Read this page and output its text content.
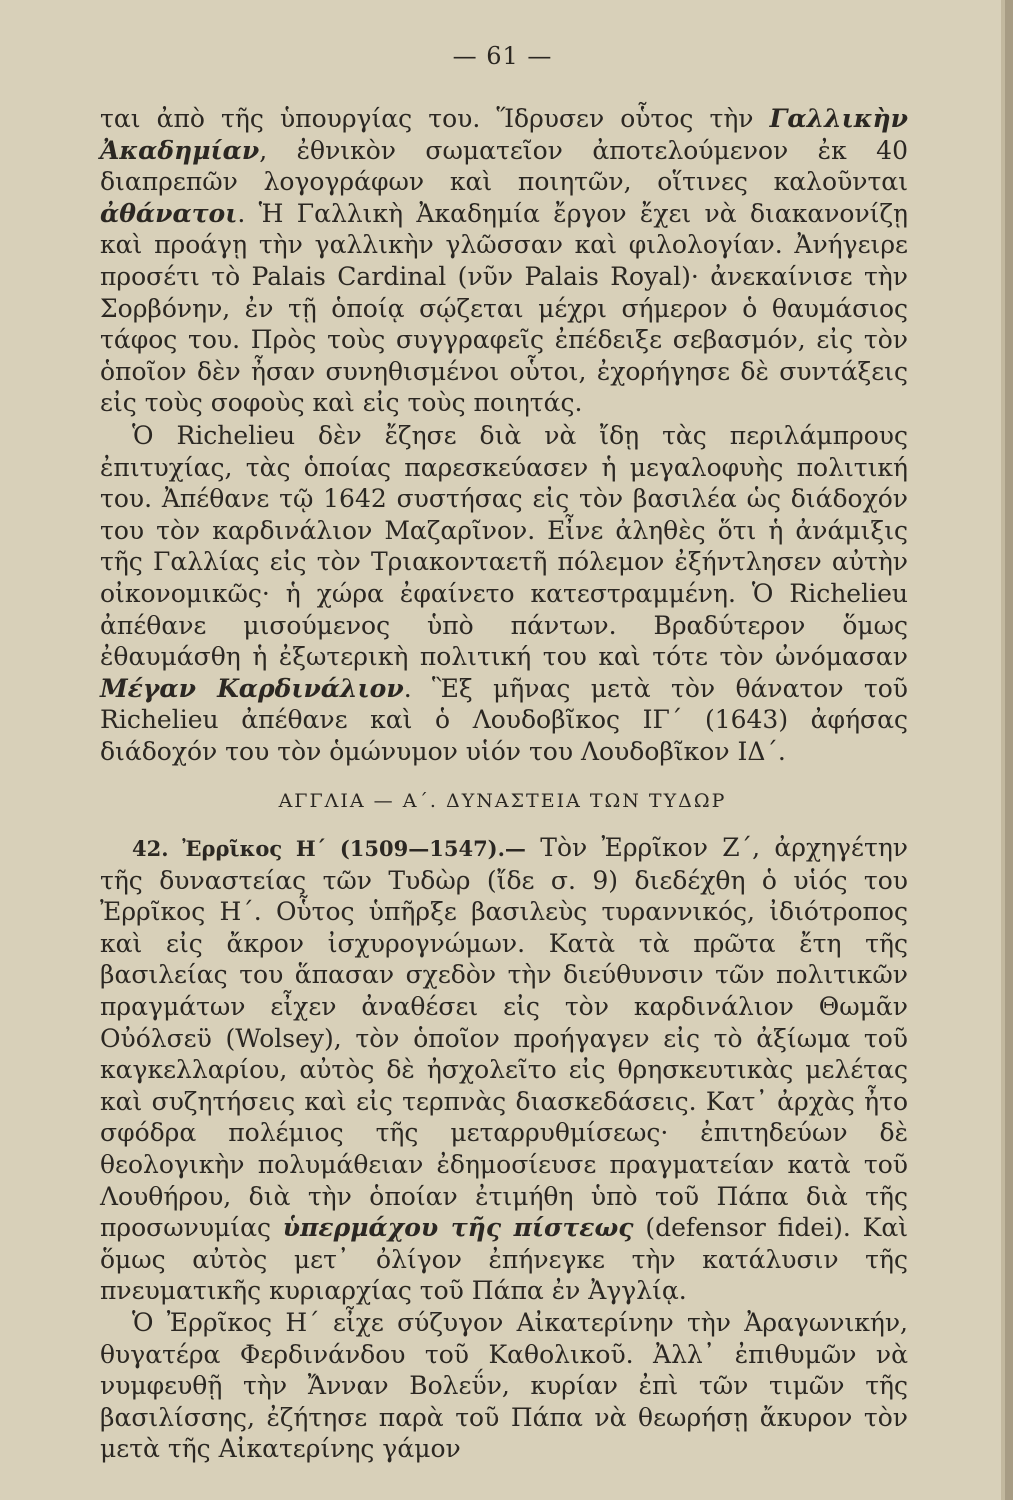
— 61 —

ται ἀπὸ τῆς ὑπουργίας του. Ἵδρυσεν οὗτος τὴν Γαλλικὴν Ἀκαδημίαν, ἐθνικὸν σωματεῖον ἀποτελούμενον ἐκ 40 διαπρεπῶν λογογράφων καὶ ποιητῶν, οἵτινες καλοῦνται ἀθάνατοι. Ἡ Γαλλικὴ Ἀκαδημία ἔργον ἔχει νὰ διακανονίζῃ καὶ προάγῃ τὴν γαλλικὴν γλῶσσαν καὶ φιλολογίαν. Ἀνήγειρε προσέτι τὸ Palais Cardinal (νῦν Palais Royal)· ἀνεκαίνισε τὴν Σορβόνην, ἐν τῇ ὁποίᾳ σῴζεται μέχρι σήμερον ὁ θαυμάσιος τάφος του. Πρὸς τοὺς συγγραφεῖς ἐπέδειξε σεβασμόν, εἰς τὸν ὁποῖον δὲν ἦσαν συνηθισμένοι οὗτοι, ἐχορήγησε δὲ συντάξεις εἰς τοὺς σοφοὺς καὶ εἰς τοὺς ποιητάς.

Ὁ Richelieu δὲν ἔζησε διὰ νὰ ἴδῃ τὰς περιλάμπρους ἐπιτυχίας, τὰς ὁποίας παρεσκεύασεν ἡ μεγαλοφυὴς πολιτική του. Ἀπέθανε τῷ 1642 συστήσας εἰς τὸν βασιλέα ὡς διάδοχόν του τὸν καρδινάλιον Μαζαρῖνον. Εἶνε ἀληθὲς ὅτι ἡ ἀνάμιξις τῆς Γαλλίας εἰς τὸν Τριακονταετῆ πόλεμον ἐξήντλησεν αὐτὴν οἰκονομικῶς· ἡ χώρα ἐφαίνετο κατεστραμμένη. Ὁ Richelieu ἀπέθανε μισούμενος ὑπὸ πάντων. Βραδύτερον ὅμως ἐθαυμάσθη ἡ ἐξωτερικὴ πολιτική του καὶ τότε τὸν ὠνόμασαν Μέγαν Καρδινάλιον. Ἓξ μῆνας μετὰ τὸν θάνατον τοῦ Richelieu ἀπέθανε καὶ ὁ Λουδοβῖκος ΙΓ΄ (1643) ἀφήσας διάδοχόν του τὸν ὁμώνυμον υἱόν του Λουδοβῖκον ΙΔ΄.

ΑΓΓΛΙΑ — Α΄. ΔΥΝΑΣΤΕΙΑ ΤΩΝ ΤΥΔΩΡ

42. Ἐρρῖκος Η΄ (1509—1547).— Τὸν Ἐρρῖκον Ζ΄, ἀρχηγέτην τῆς δυναστείας τῶν Τυδὼρ (ἴδε σ. 9) διεδέχθη ὁ υἱός του Ἐρρῖκος Η΄. Οὗτος ὑπῆρξε βασιλεὺς τυραννικός, ἰδιότροπος καὶ εἰς ἄκρον ἰσχυρογνώμων. Κατὰ τὰ πρῶτα ἔτη τῆς βασιλείας του ἅπασαν σχεδὸν τὴν διεύθυνσιν τῶν πολιτικῶν πραγμάτων εἶχεν ἀναθέσει εἰς τὸν καρδινάλιον Θωμᾶν Οὐόλσεϋ (Wolsey), τὸν ὁποῖον προήγαγεν εἰς τὸ ἀξίωμα τοῦ καγκελλαρίου, αὐτὸς δὲ ἠσχολεῖτο εἰς θρησκευτικὰς μελέτας καὶ συζητήσεις καὶ εἰς τερπνὰς διασκεδάσεις. Κατ᾽ ἀρχὰς ἦτο σφόδρα πολέμιος τῆς μεταρρυθμίσεως· ἐπιτηδεύων δὲ θεολογικὴν πολυμάθειαν ἐδημοσίευσε πραγματείαν κατὰ τοῦ Λουθήρου, διὰ τὴν ὁποίαν ἐτιμήθη ὑπὸ τοῦ Πάπα διὰ τῆς προσωνυμίας ὑπερμάχου τῆς πίστεως (defensor fidei). Καὶ ὅμως αὐτὸς μετ᾽ ὀλίγον ἐπήνεγκε τὴν κατάλυσιν τῆς πνευματικῆς κυριαρχίας τοῦ Πάπα ἐν Ἀγγλίᾳ.

Ὁ Ἐρρῖκος Η΄ εἶχε σύζυγον Αἰκατερίνην τὴν Ἀραγωνικήν, θυγατέρα Φερδινάνδου τοῦ Καθολικοῦ. Ἀλλ᾽ ἐπιθυμῶν νὰ νυμφευθῇ τὴν Ἄνναν Βολεΰν, κυρίαν ἐπὶ τῶν τιμῶν τῆς βασιλίσσης, ἐζήτησε παρὰ τοῦ Πάπα νὰ θεωρήσῃ ἄκυρον τὸν μετὰ τῆς Αἰκατερίνης γάμον
